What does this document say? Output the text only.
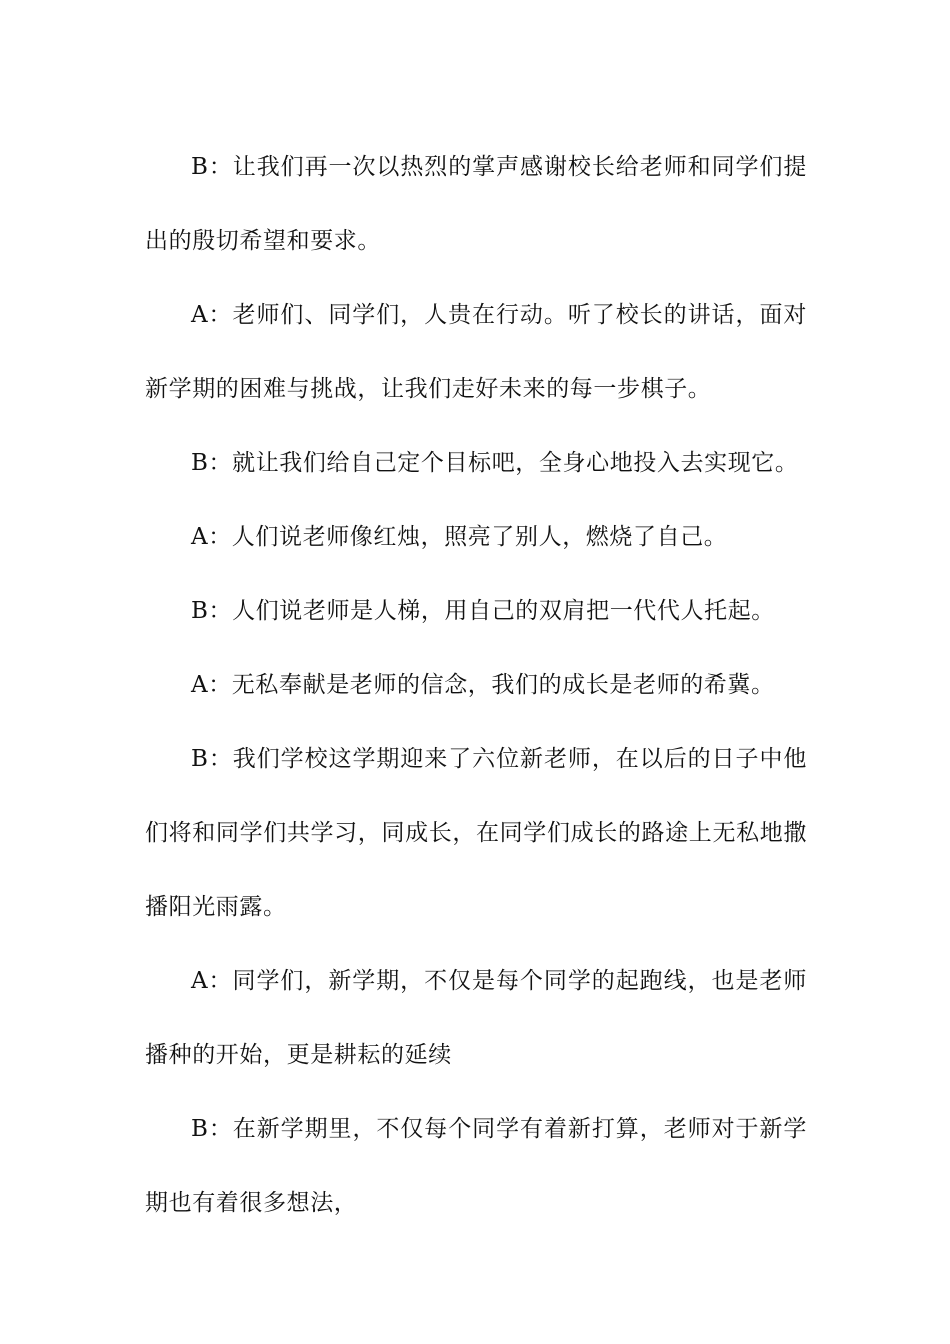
B：让我们再一次以热烈的掌声感谢校长给老师和同学们提出的殷切希望和要求。

A：老师们、同学们，人贵在行动。听了校长的讲话，面对新学期的困难与挑战，让我们走好未来的每一步棋子。

B：就让我们给自己定个目标吧，全身心地投入去实现它。

A：人们说老师像红烛，照亮了别人，燃烧了自己。

B：人们说老师是人梯，用自己的双肩把一代代人托起。

A：无私奉献是老师的信念，我们的成长是老师的希冀。

B：我们学校这学期迎来了六位新老师，在以后的日子中他们将和同学们共学习，同成长，在同学们成长的路途上无私地撒播阳光雨露。

A：同学们，新学期，不仅是每个同学的起跑线，也是老师播种的开始，更是耕耘的延续

B：在新学期里，不仅每个同学有着新打算，老师对于新学期也有着很多想法，
